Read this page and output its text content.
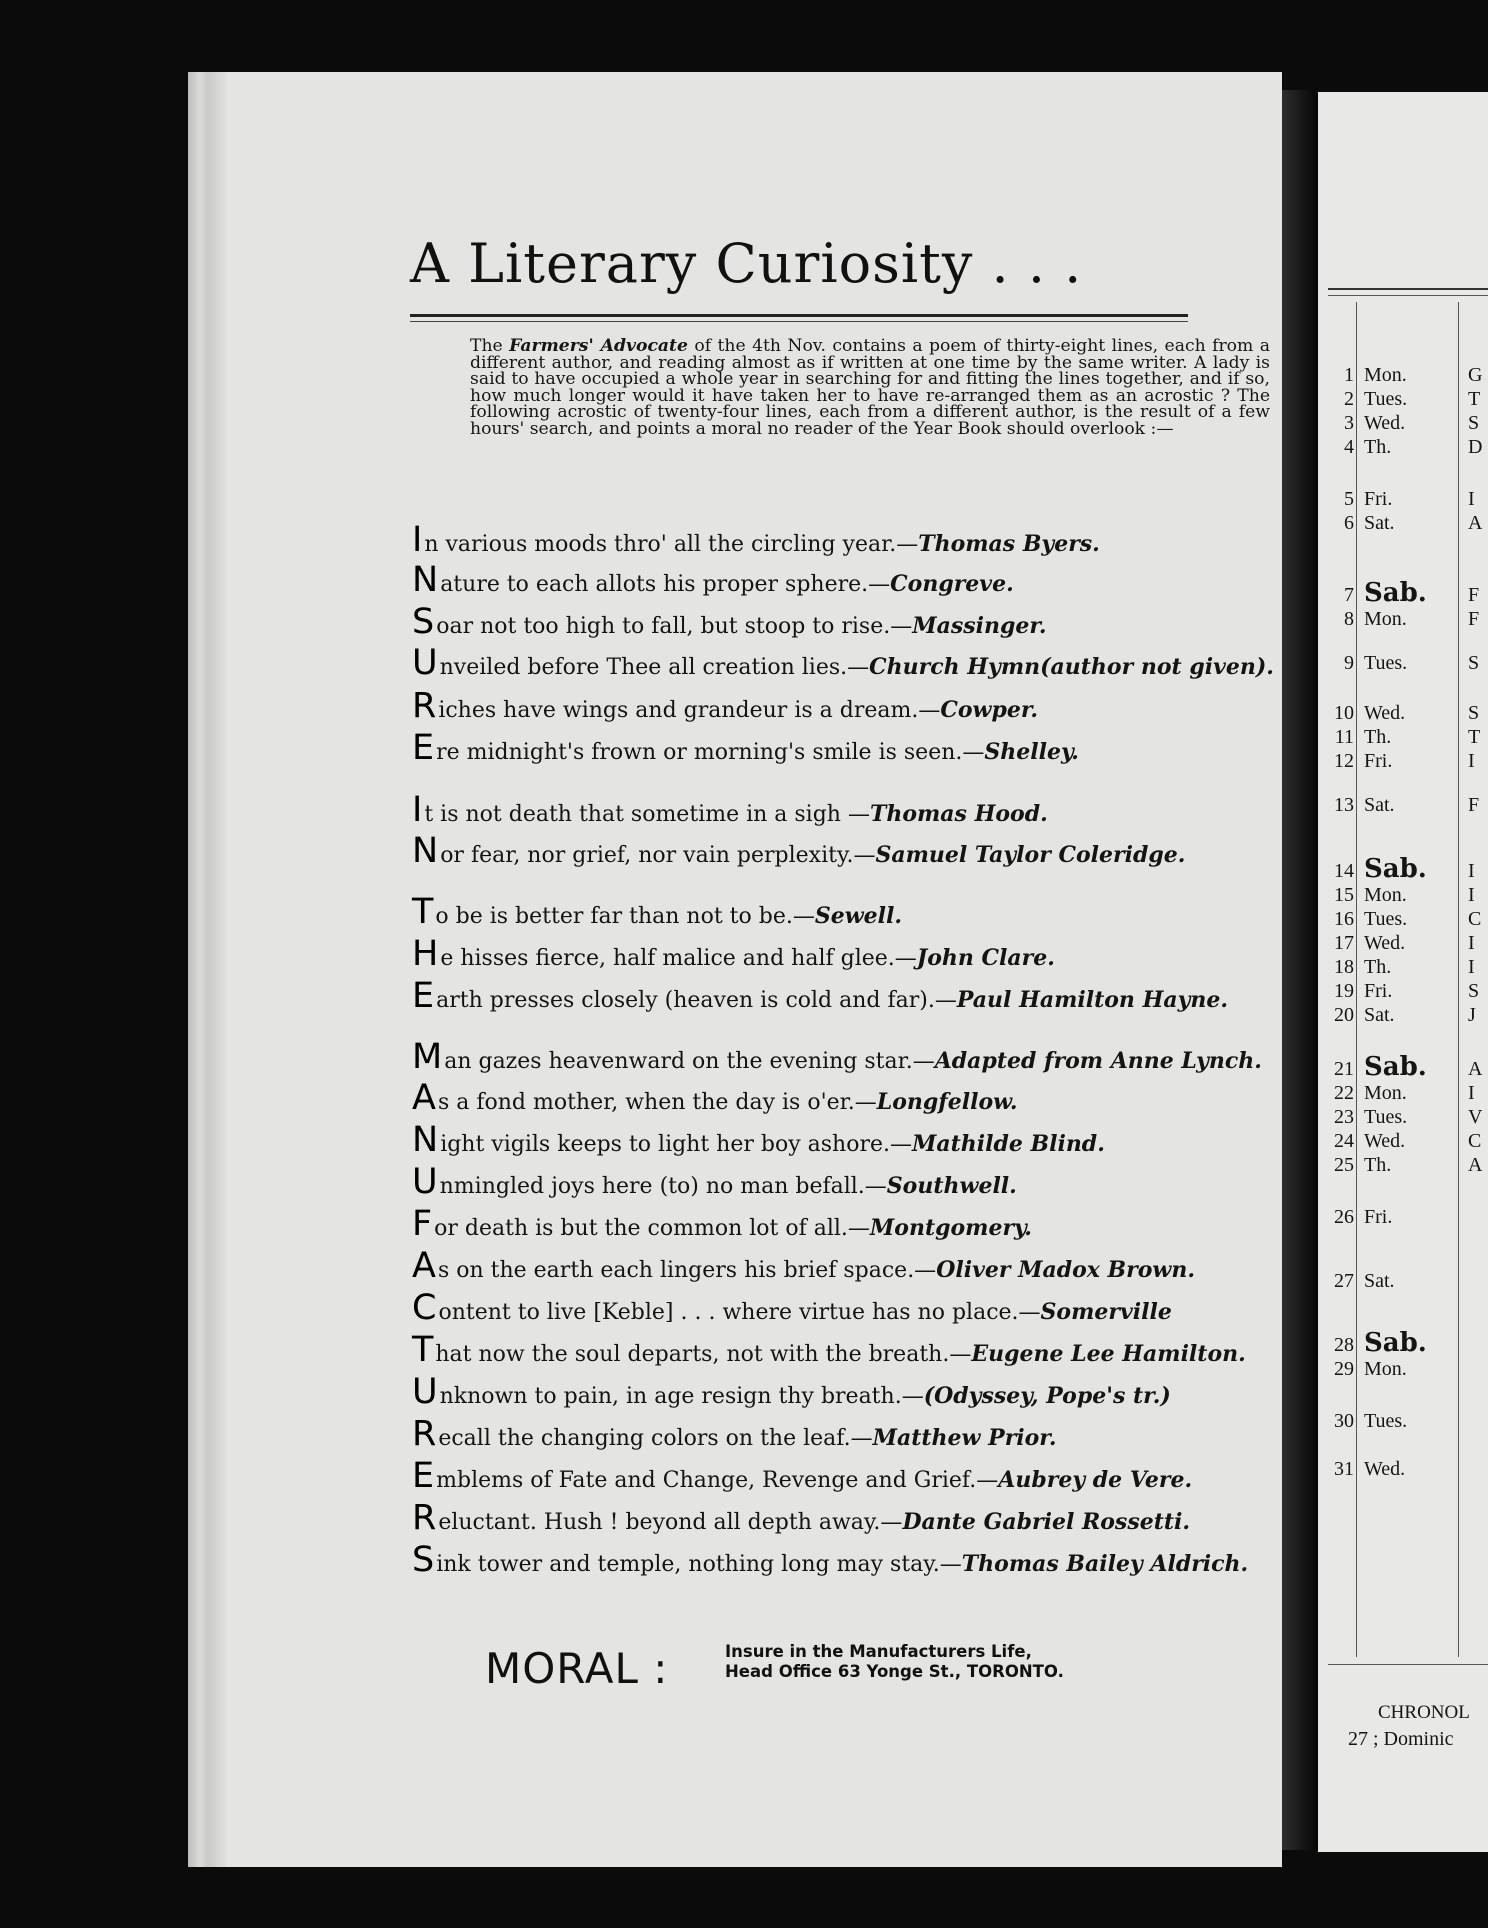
A Literary Curiosity . . .
The Farmers' Advocate of the 4th Nov. contains a poem of thirty-eight lines, each from a different author, and reading almost as if written at one time by the same writer. A lady is said to have occupied a whole year in searching for and fitting the lines together, and if so, how much longer would it have taken her to have re-arranged them as an acrostic ? The following acrostic of twenty-four lines, each from a different author, is the result of a few hours' search, and points a moral no reader of the Year Book should overlook :—
In various moods thro' all the circling year.—Thomas Byers.
Nature to each allots his proper sphere.—Congreve.
Soar not too high to fall, but stoop to rise.—Massinger.
Unveiled before Thee all creation lies.—Church Hymn(author not given).
Riches have wings and grandeur is a dream.—Cowper.
Ere midnight's frown or morning's smile is seen.—Shelley.
It is not death that sometime in a sigh —Thomas Hood.
Nor fear, nor grief, nor vain perplexity.—Samuel Taylor Coleridge.
To be is better far than not to be.—Sewell.
He hisses fierce, half malice and half glee.—John Clare.
Earth presses closely (heaven is cold and far).—Paul Hamilton Hayne.
Man gazes heavenward on the evening star.—Adapted from Anne Lynch.
As a fond mother, when the day is o'er.—Longfellow.
Night vigils keeps to light her boy ashore.—Mathilde Blind.
Unmingled joys here (to) no man befall.—Southwell.
For death is but the common lot of all.—Montgomery.
As on the earth each lingers his brief space.—Oliver Madox Brown.
Content to live [Keble] . . . where virtue has no place.—Somerville
That now the soul departs, not with the breath.—Eugene Lee Hamilton.
Unknown to pain, in age resign thy breath.—(Odyssey, Pope's tr.)
Recall the changing colors on the leaf.—Matthew Prior.
Emblems of Fate and Change, Revenge and Grief.—Aubrey de Vere.
Reluctant. Hush ! beyond all depth away.—Dante Gabriel Rossetti.
Sink tower and temple, nothing long may stay.—Thomas Bailey Aldrich.
MORAL :	Insure in the Manufacturers Life,
Head Office 63 Yonge St., TORONTO.
1 Mon.	G
2 Tues.	T
3 Wed.	S
4 Th.	D
5 Fri.	I
6 Sat.	A
7 Sab. F
8 Mon.	F
9 Tues.	S
10 Wed.	S
11 Th.	T
12 Fri.	I
13 Sat.	F
14 Sab. I
15 Mon.	I
16 Tues.	C
17 Wed.	I
18 Th.	I
19 Fri.	S
20 Sat.	J
21 Sab. A
22 Mon.	I
23 Tues.	V
24 Wed.	C
25 Th.	A
26 Fri.
27 Sat.
28 Sab.
29 Mon.
30 Tues.
31 Wed.
CHRONOL
27 ; Dominic
